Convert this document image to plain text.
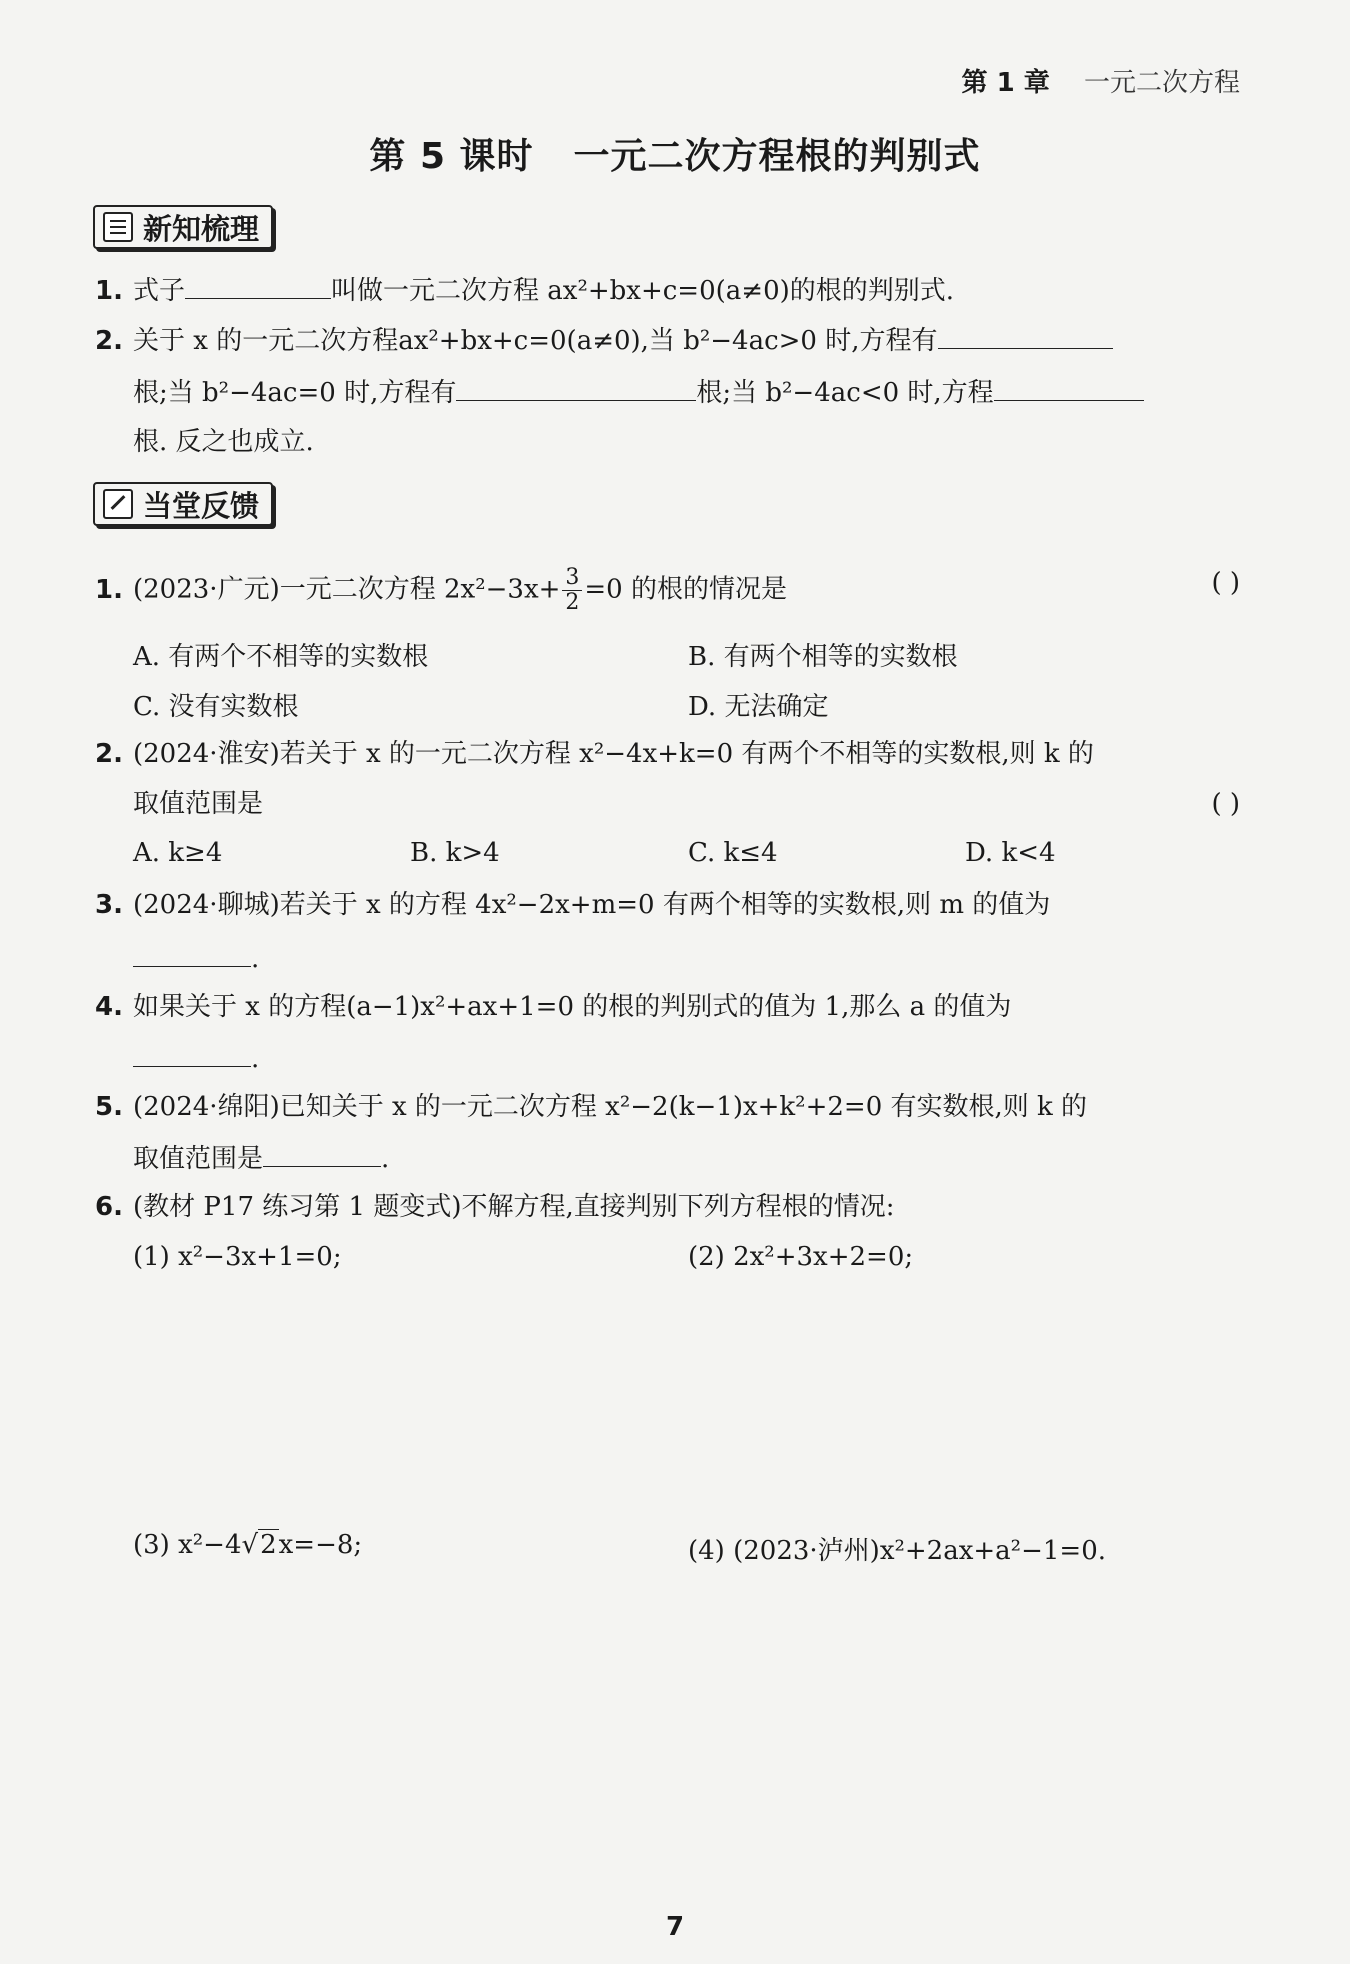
第 1 章 一元二次方程
第 5 课时 一元二次方程根的判别式
新知梳理
1. 式子	叫做一元二次方程 ax²+bx+c=0(a≠0)的根的判别式.
2. 关于 x 的一元二次方程ax²+bx+c=0(a≠0),当 b²−4ac>0 时,方程有
根;当 b²−4ac=0 时,方程有	根;当 b²−4ac<0 时,方程
根. 反之也成立.
当堂反馈
1. (2023·广元)一元二次方程 $2x^2-3x+ \frac{3}{2} =0$ 的根的情况是	( )
A. 有两个不相等的实数根	B. 有两个相等的实数根
C. 没有实数根	D. 无法确定
2. (2024·淮安)若关于 x 的一元二次方程 x²−4x+k=0 有两个不相等的实数根,则 k 的
取值范围是	( )
A. k≥4	B. k>4	C. k≤4	D. k<4
3. (2024·聊城)若关于 x 的方程 4x²−2x+m=0 有两个相等的实数根,则 m 的值为
.
4. 如果关于 x 的方程(a−1)x²+ax+1=0 的根的判别式的值为 1,那么 a 的值为
.
5. (2024·绵阳)已知关于 x 的一元二次方程 x²−2(k−1)x+k²+2=0 有实数根,则 k 的
取值范围是	.
6. (教材 P17 练习第 1 题变式)不解方程,直接判别下列方程根的情况:
(1) x²−3x+1=0;	(2) 2x²+3x+2=0;
(3) x²−4√2x=−8;	(4) (2023·泸州)x²+2ax+a²−1=0.
7
